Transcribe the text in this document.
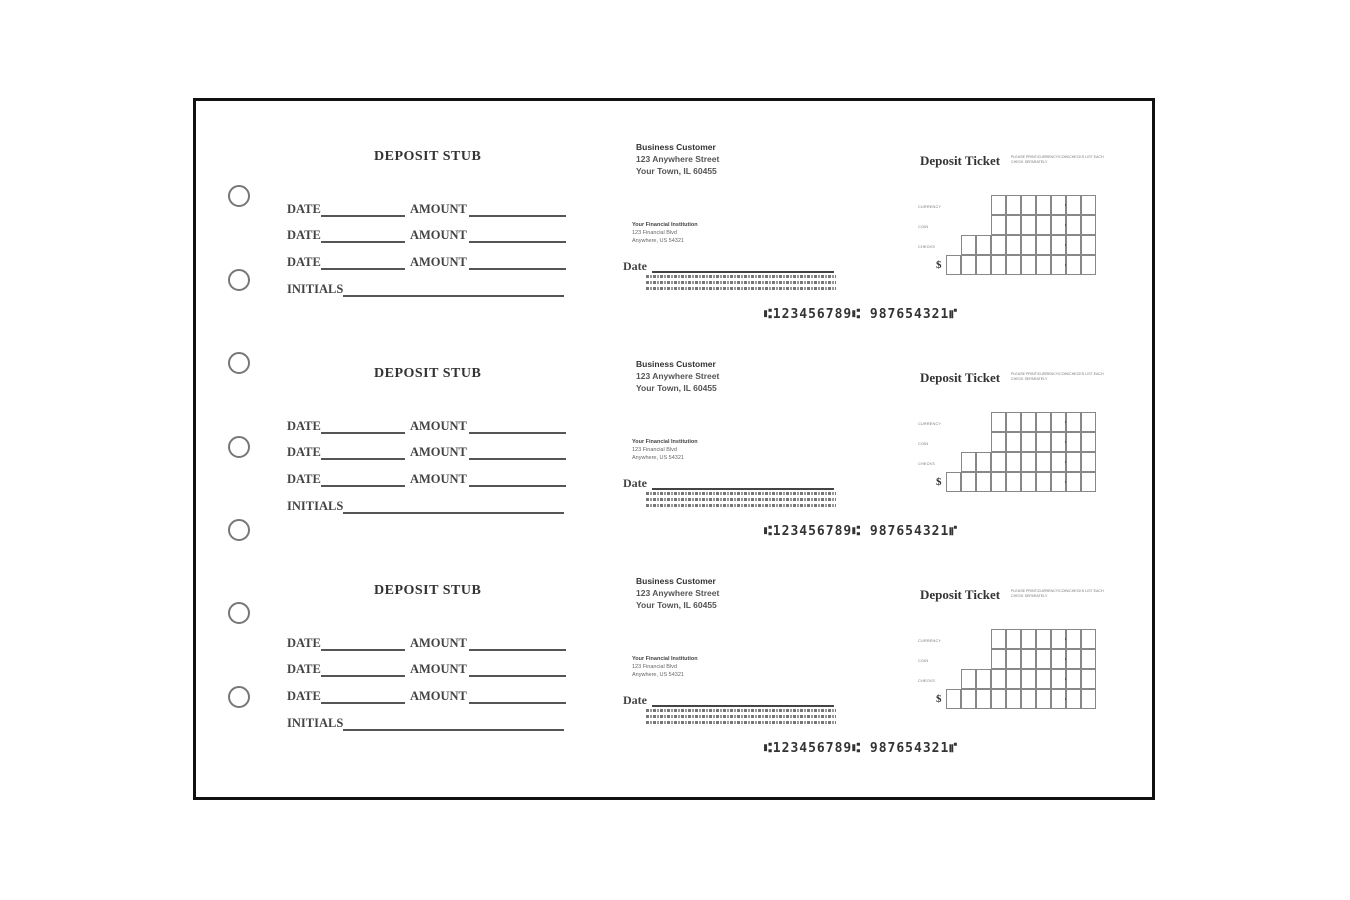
DEPOSIT STUB
DATE	AMOUNT
DATE	AMOUNT
DATE	AMOUNT
INITIALS
Business Customer
123 Anywhere Street
Your Town, IL 60455
Your Financial Institution
123 Financial Blvd
Anywhere, US 54321
Date
⑆123456789⑆ 987654321⑈
Deposit Ticket	PLEASE PRINT/CURRENCY/COIN/CHECKS LIST EACH CHECK SEPARATELY
CURRENCY
COIN
CHECKS
$
DEPOSIT STUB
DATE	AMOUNT
DATE	AMOUNT
DATE	AMOUNT
INITIALS
Business Customer
123 Anywhere Street
Your Town, IL 60455
Your Financial Institution
123 Financial Blvd
Anywhere, US 54321
Date
⑆123456789⑆ 987654321⑈
Deposit Ticket	PLEASE PRINT/CURRENCY/COIN/CHECKS LIST EACH CHECK SEPARATELY
CURRENCY
COIN
CHECKS
$
DEPOSIT STUB
DATE	AMOUNT
DATE	AMOUNT
DATE	AMOUNT
INITIALS
Business Customer
123 Anywhere Street
Your Town, IL 60455
Your Financial Institution
123 Financial Blvd
Anywhere, US 54321
Date
⑆123456789⑆ 987654321⑈
Deposit Ticket	PLEASE PRINT/CURRENCY/COIN/CHECKS LIST EACH CHECK SEPARATELY
CURRENCY
COIN
CHECKS
$
